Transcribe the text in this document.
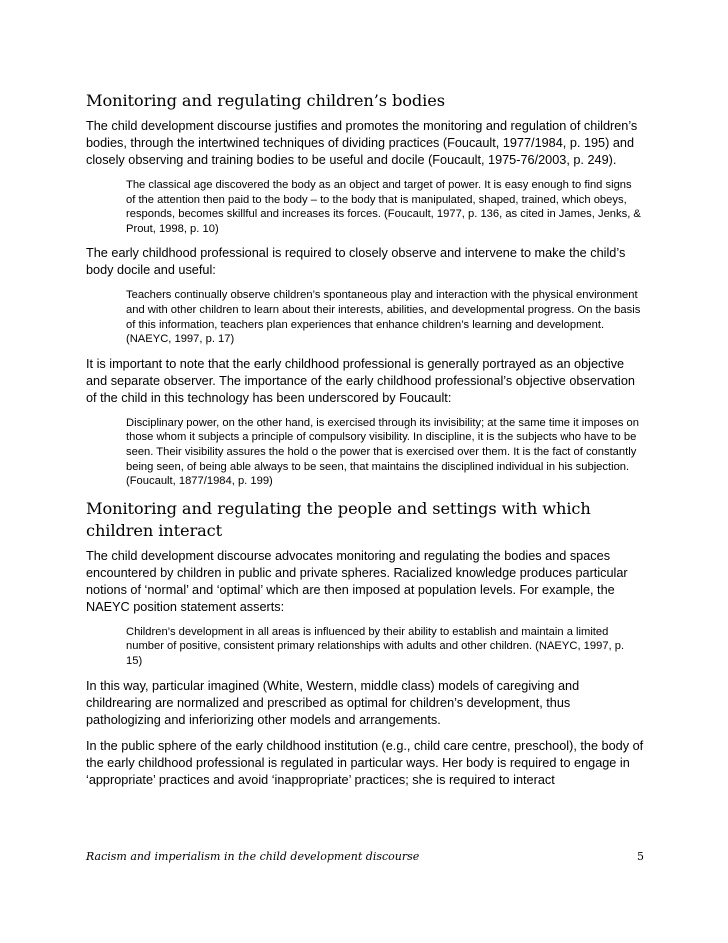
Monitoring and regulating children’s bodies

The child development discourse justifies and promotes the monitoring and regulation of children’s bodies, through the intertwined techniques of dividing practices (Foucault, 1977/1984, p. 195) and closely observing and training bodies to be useful and docile (Foucault, 1975-76/2003, p. 249).

The classical age discovered the body as an object and target of power. It is easy enough to find signs of the attention then paid to the body – to the body that is manipulated, shaped, trained, which obeys, responds, becomes skillful and increases its forces. (Foucault, 1977, p. 136, as cited in James, Jenks, & Prout, 1998, p. 10)

The early childhood professional is required to closely observe and intervene to make the child’s body docile and useful:

Teachers continually observe children’s spontaneous play and interaction with the physical environment and with other children to learn about their interests, abilities, and developmental progress. On the basis of this information, teachers plan experiences that enhance children’s learning and development. (NAEYC, 1997, p. 17)

It is important to note that the early childhood professional is generally portrayed as an objective and separate observer. The importance of the early childhood professional’s objective observation of the child in this technology has been underscored by Foucault:

Disciplinary power, on the other hand, is exercised through its invisibility; at the same time it imposes on those whom it subjects a principle of compulsory visibility. In discipline, it is the subjects who have to be seen. Their visibility assures the hold o the power that is exercised over them. It is the fact of constantly being seen, of being able always to be seen, that maintains the disciplined individual in his subjection. (Foucault, 1877/1984, p. 199)
Monitoring and regulating the people and settings with which children interact

The child development discourse advocates monitoring and regulating the bodies and spaces encountered by children in public and private spheres. Racialized knowledge produces particular notions of ‘normal’ and ‘optimal’ which are then imposed at population levels. For example, the NAEYC position statement asserts:

Children’s development in all areas is influenced by their ability to establish and maintain a limited number of positive, consistent primary relationships with adults and other children. (NAEYC, 1997, p. 15)

In this way, particular imagined (White, Western, middle class) models of caregiving and childrearing are normalized and prescribed as optimal for children’s development, thus pathologizing and inferiorizing other models and arrangements.

In the public sphere of the early childhood institution (e.g., child care centre, preschool), the body of the early childhood professional is regulated in particular ways. Her body is required to engage in ‘appropriate’ practices and avoid ‘inappropriate’ practices; she is required to interact

Racism and imperialism in the child development discourse	5
